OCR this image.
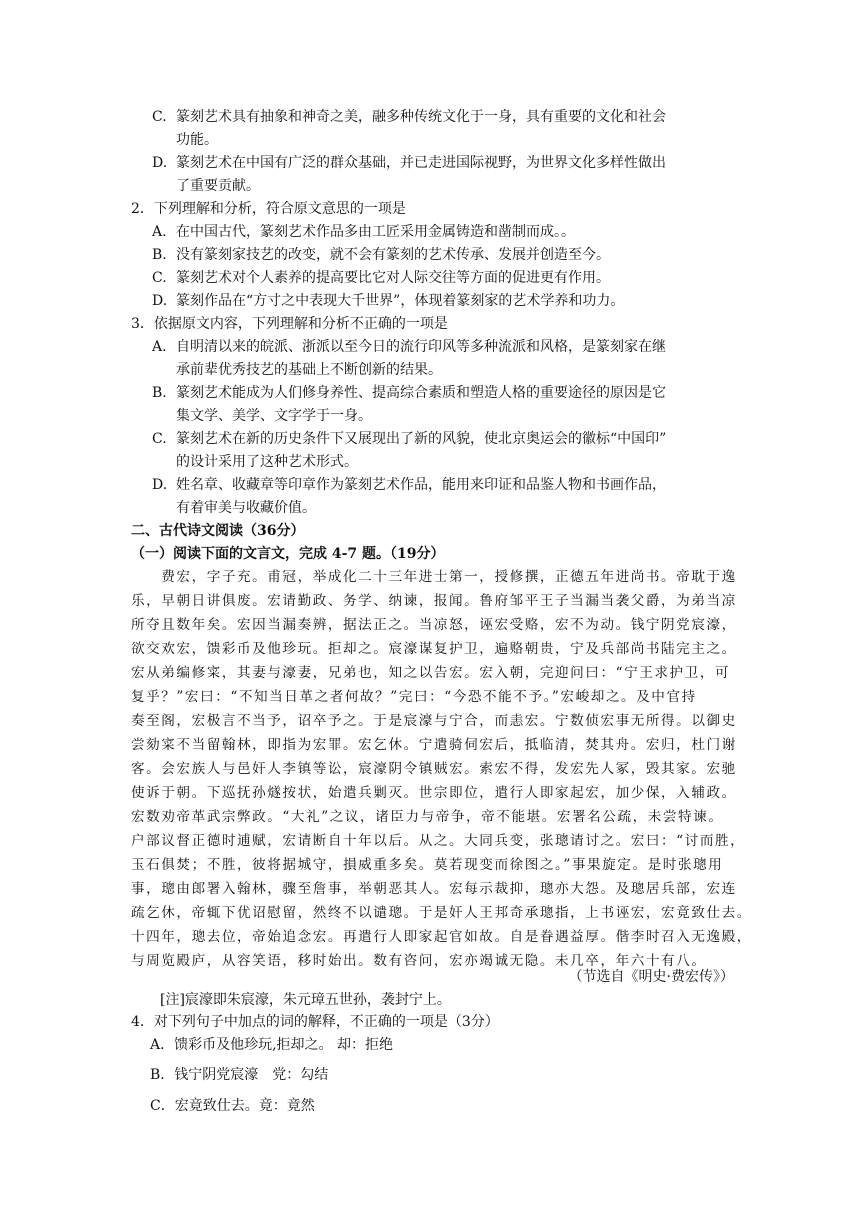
C. 篆刻艺术具有抽象和神奇之美，融多种传统文化于一身，具有重要的文化和社会
功能。
D. 篆刻艺术在中国有广泛的群众基础，并已走进国际视野，为世界文化多样性做出
了重要贡献。
2．下列理解和分析，符合原文意思的一项是
A. 在中国古代，篆刻艺术作品多由工匠采用金属铸造和凿制而成。。
B. 没有篆刻家技艺的改变，就不会有篆刻的艺术传承、发展并创造至今。
C. 篆刻艺术对个人素养的提高要比它对人际交往等方面的促进更有作用。
D. 篆刻作品在“方寸之中表现大千世界”，体现着篆刻家的艺术学养和功力。
3．依据原文内容，下列理解和分析不正确的一项是
A. 自明清以来的皖派、浙派以至今日的流行印风等多种流派和风格，是篆刻家在继
承前辈优秀技艺的基础上不断创新的结果。
B. 篆刻艺术能成为人们修身养性、提高综合素质和塑造人格的重要途径的原因是它
集文学、美学、文字学于一身。
C. 篆刻艺术在新的历史条件下又展现出了新的风貌，使北京奥运会的徽标“中国印”
的设计采用了这种艺术形式。
D. 姓名章、收藏章等印章作为篆刻艺术作品，能用来印证和品鉴人物和书画作品，
有着审美与收藏价值。
二、古代诗文阅读（36分）
（一）阅读下面的文言文，完成 4-7 题。（19分）
　　费宏，字子充。甫冠，举成化二十三年进士第一，授修撰，正德五年进尚书。帝耽于逸
乐，早朝日讲俱废。宏请勤政、务学、纳谏，报闻。鲁府邹平王子当漏当袭父爵，为弟当凉
所夺且数年矣。宏因当漏奏辨，据法正之。当凉怒，诬宏受赂，宏不为动。钱宁阴党宸濠，
欲交欢宏，馈彩币及他珍玩。拒却之。宸濠谋复护卫，遍赂朝贵，宁及兵部尚书陆完主之。
宏从弟编修寀，其妻与濠妻，兄弟也，知之以告宏。宏入朝，完迎问曰：“宁王求护卫，可
复乎？”宏曰：“不知当日革之者何故？”完曰：“今恐不能不予。”宏峻却之。及中官持
奏至阁，宏极言不当予，诏卒予之。于是宸濠与宁合，而恚宏。宁数侦宏事无所得。以御史
尝劾寀不当留翰林，即指为宏罪。宏乞休。宁遣骑伺宏后，抵临清，焚其舟。宏归，杜门谢
客。会宏族人与邑奸人李镇等讼，宸濠阴令镇贼宏。索宏不得，发宏先人冢，毁其家。宏驰
使诉于朝。下巡抚孙燧按状，始遣兵剿灭。世宗即位，遣行人即家起宏，加少保，入辅政。
宏数劝帝革武宗弊政。“大礼”之议，诸臣力与帝争，帝不能堪。宏署名公疏，未尝特谏。
户部议督正德时逋赋，宏请断自十年以后。从之。大同兵变，张璁请讨之。宏曰：“讨而胜，
玉石俱焚；不胜，彼将据城守，損威重多矣。莫若现变而徐图之。”事果旋定。是时张璁用
事，璁由郎署入翰林，骤至詹事，举朝恶其人。宏每示裁抑，璁亦大怨。及璁居兵部，宏连
疏乞休，帝辄下优诏慰留，然终不以谴璁。于是奸人王邦奇承璁指，上书诬宏，宏竟致仕去。
十四年，璁去位，帝始追念宏。再遣行人即家起官如故。自是眷遇益厚。偕李时召入无逸殿，
与周览殿庐，从容笑语，移时始出。数有咨问，宏亦竭诚无隐。未几卒，年六十有八。
（节选自《明史·费宏传》）
[注]宸濠即朱宸濠，朱元璋五世孙，袭封宁上。
4．对下列句子中加点的词的解释，不正确的一项是（3分）
A．馈彩币及他珍玩,拒却之。 却：拒绝
B．钱宁阴党宸濠　党：勾结
C．宏竟致仕去。竟：竟然
